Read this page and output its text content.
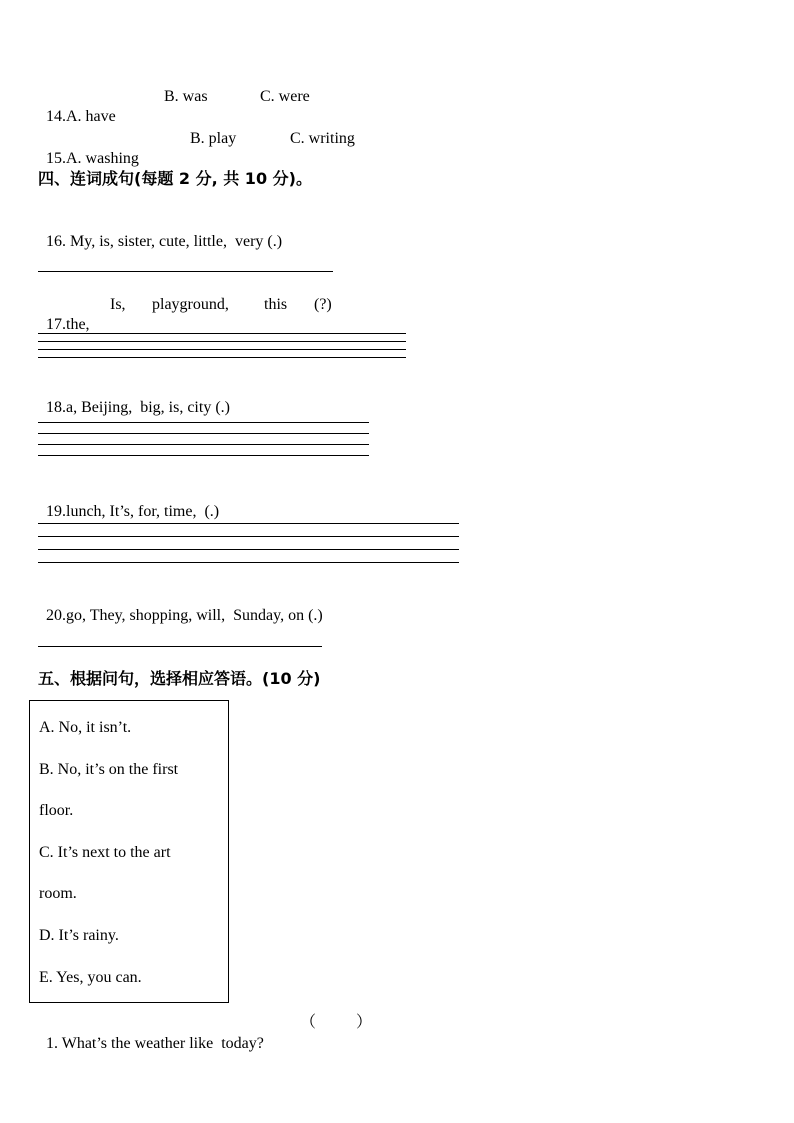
14.A. have

B. was	C. were

15.A. washing

B. play	C. writing
四、连词成句(每题 2 分, 共 10 分)。

16. My, is, sister, cute, little,  very (.)

17.the,

Is, playground, this (?)

18.a, Beijing,  big, is, city (.)

19.lunch, It’s, for, time,  (.)

20.go, They, shopping, will,  Sunday, on (.)

五、根据问句，选择相应答语。(10 分)
A. No, it isn’t.
B. No, it’s on the first
floor.
C. It’s next to the art
room.
D. It’s rainy.
E. Yes, you can.

1. What’s the weather like  today?

（          ）
